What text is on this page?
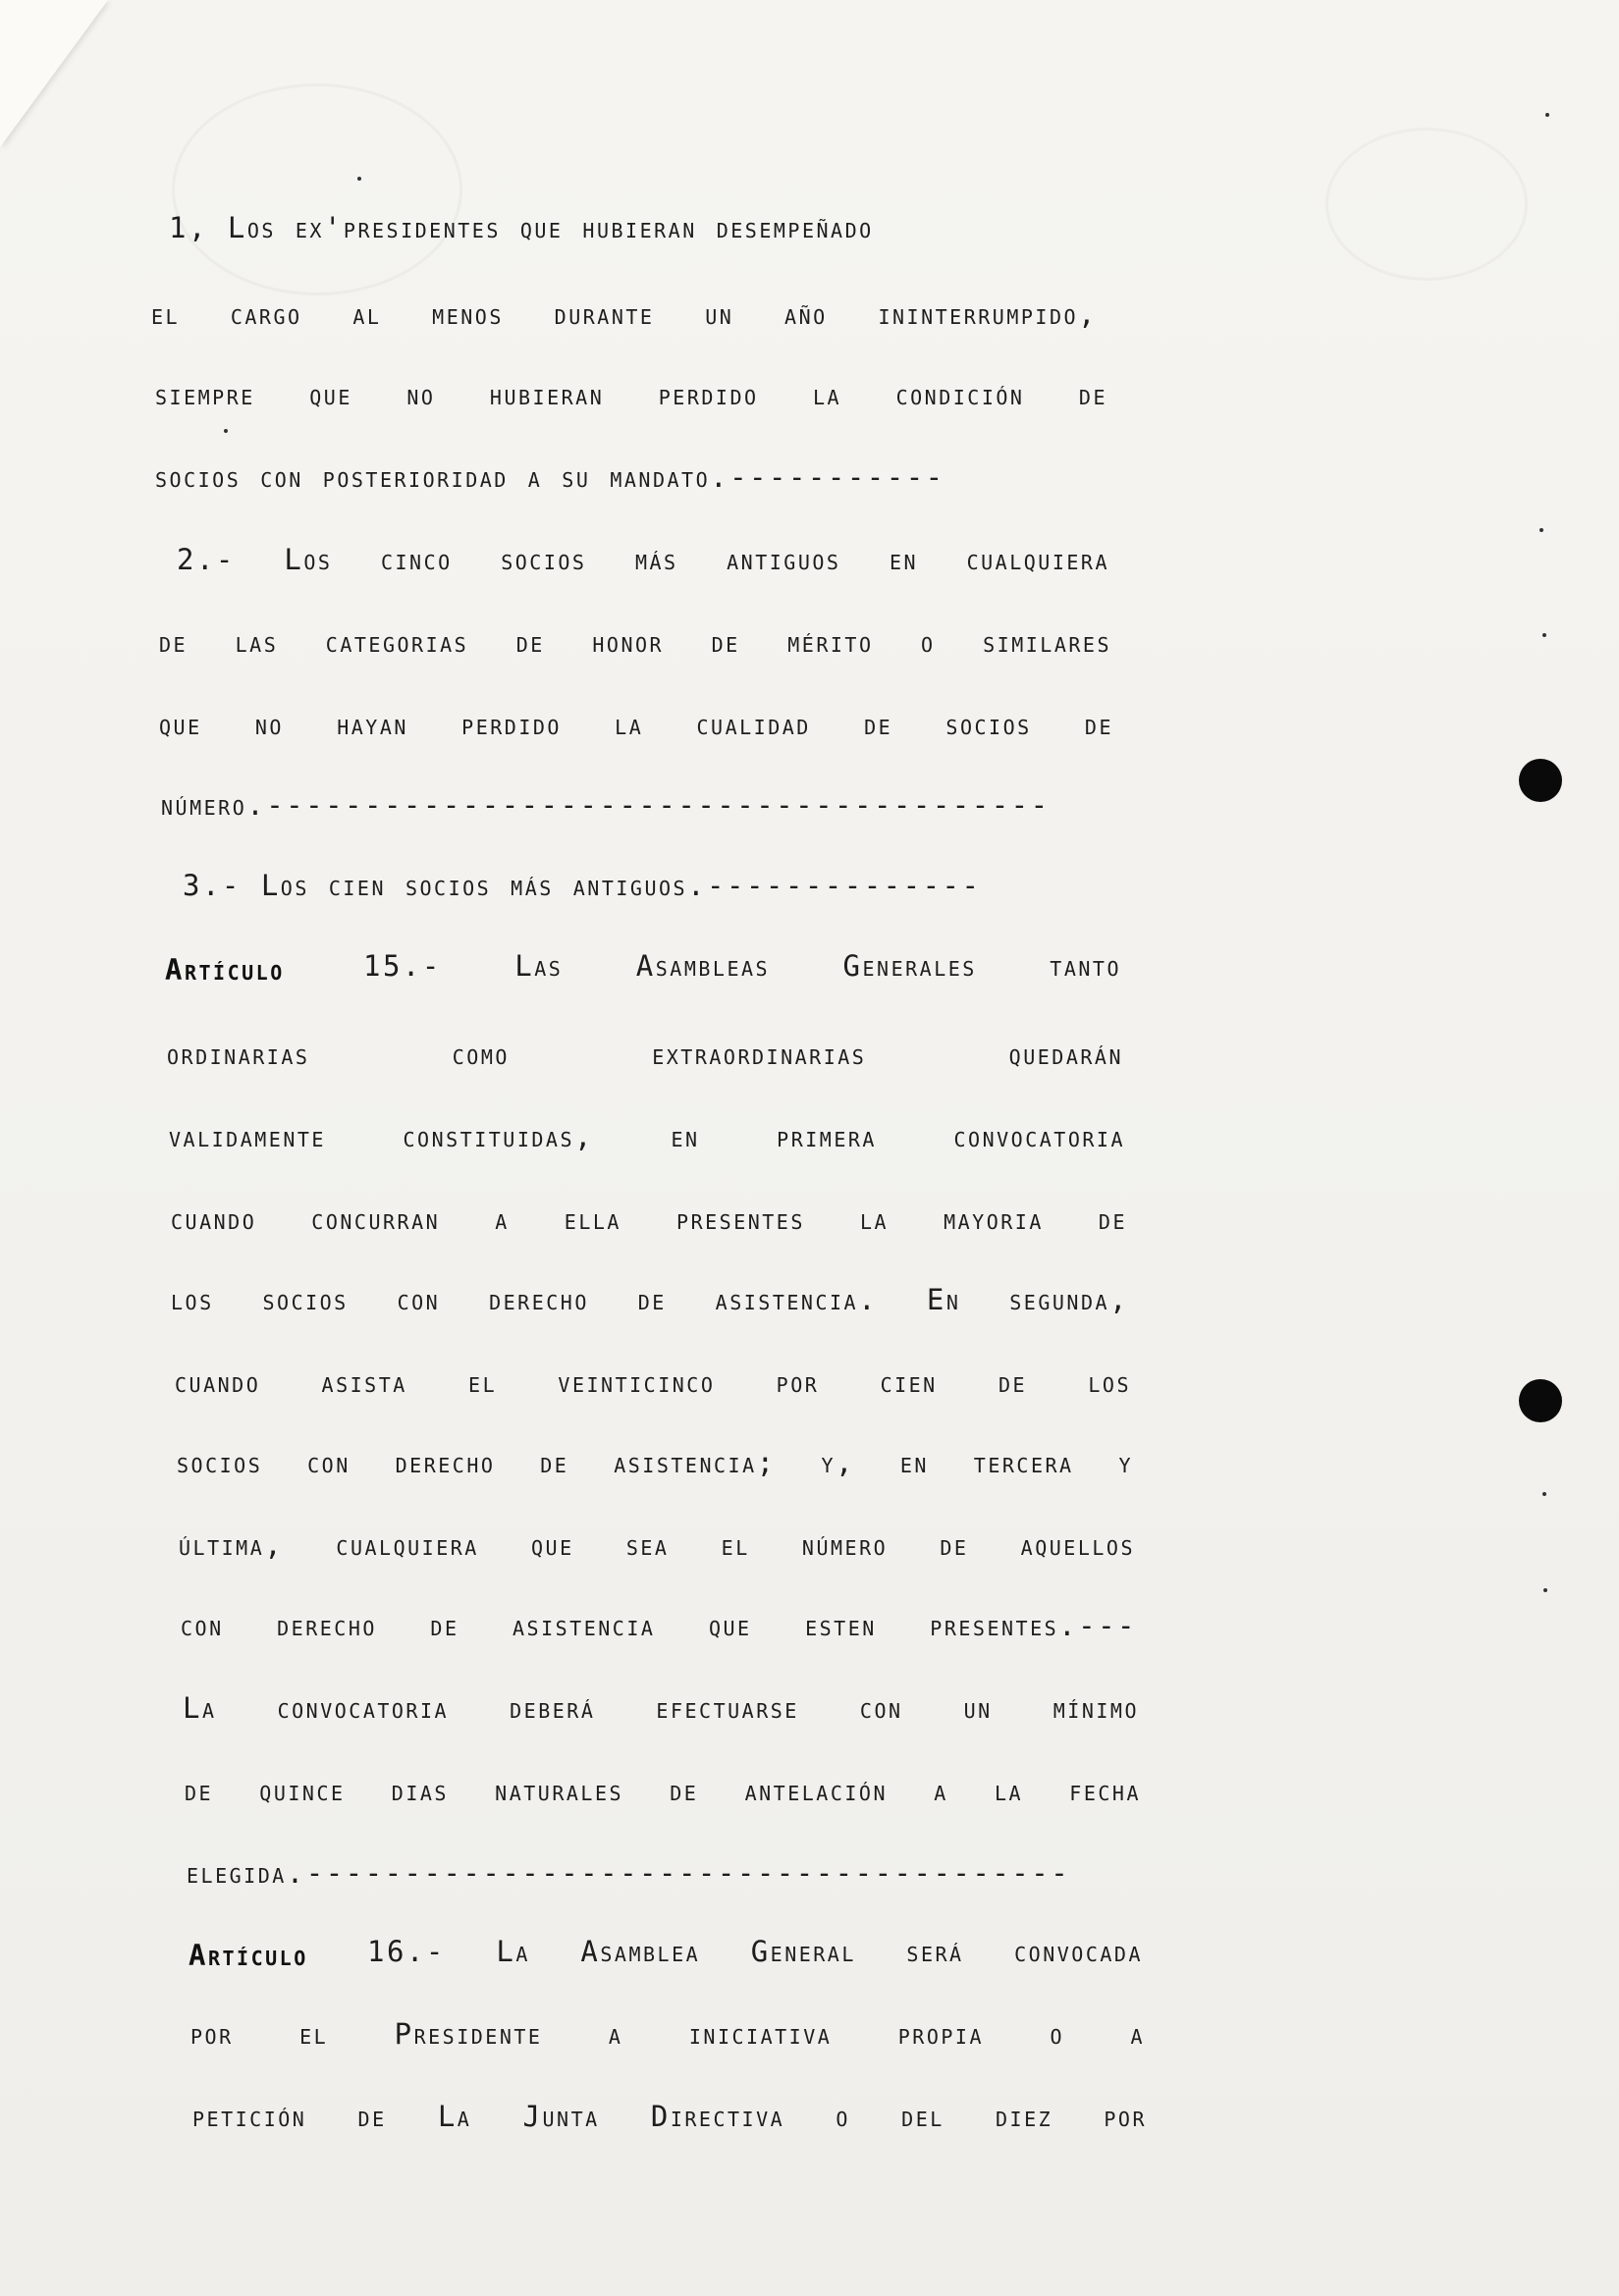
1, Los ex'presidentes que hubieran desempeñado

el cargo al menos durante un año ininterrumpido,

siempre que no hubieran perdido la condición de

socios con posterioridad a su mandato.-----------

2.- Los cinco socios más antiguos en cualquiera

de las categorias de honor de mérito o similares

que no hayan perdido la cualidad de socios de

número.----------------------------------------

3.- Los cien socios más antiguos.--------------

Artículo	15.- Las Asambleas Generales tanto

ordinarias como extraordinarias quedarán

validamente constituidas, en primera convocatoria

cuando concurran a ella presentes la mayoria de

los socios con derecho de asistencia. En segunda,

cuando asista el veinticinco por cien de los

socios con derecho de asistencia; y, en tercera y

última, cualquiera que sea el número de aquellos

con derecho de asistencia que esten presentes.---

La convocatoria deberá efectuarse con un mínimo

de quince dias naturales de antelación a la fecha

elegida.---------------------------------------

Artículo 16.- La Asamblea General será convocada

por el Presidente a iniciativa propia o a

petición de La Junta Directiva o del diez por
